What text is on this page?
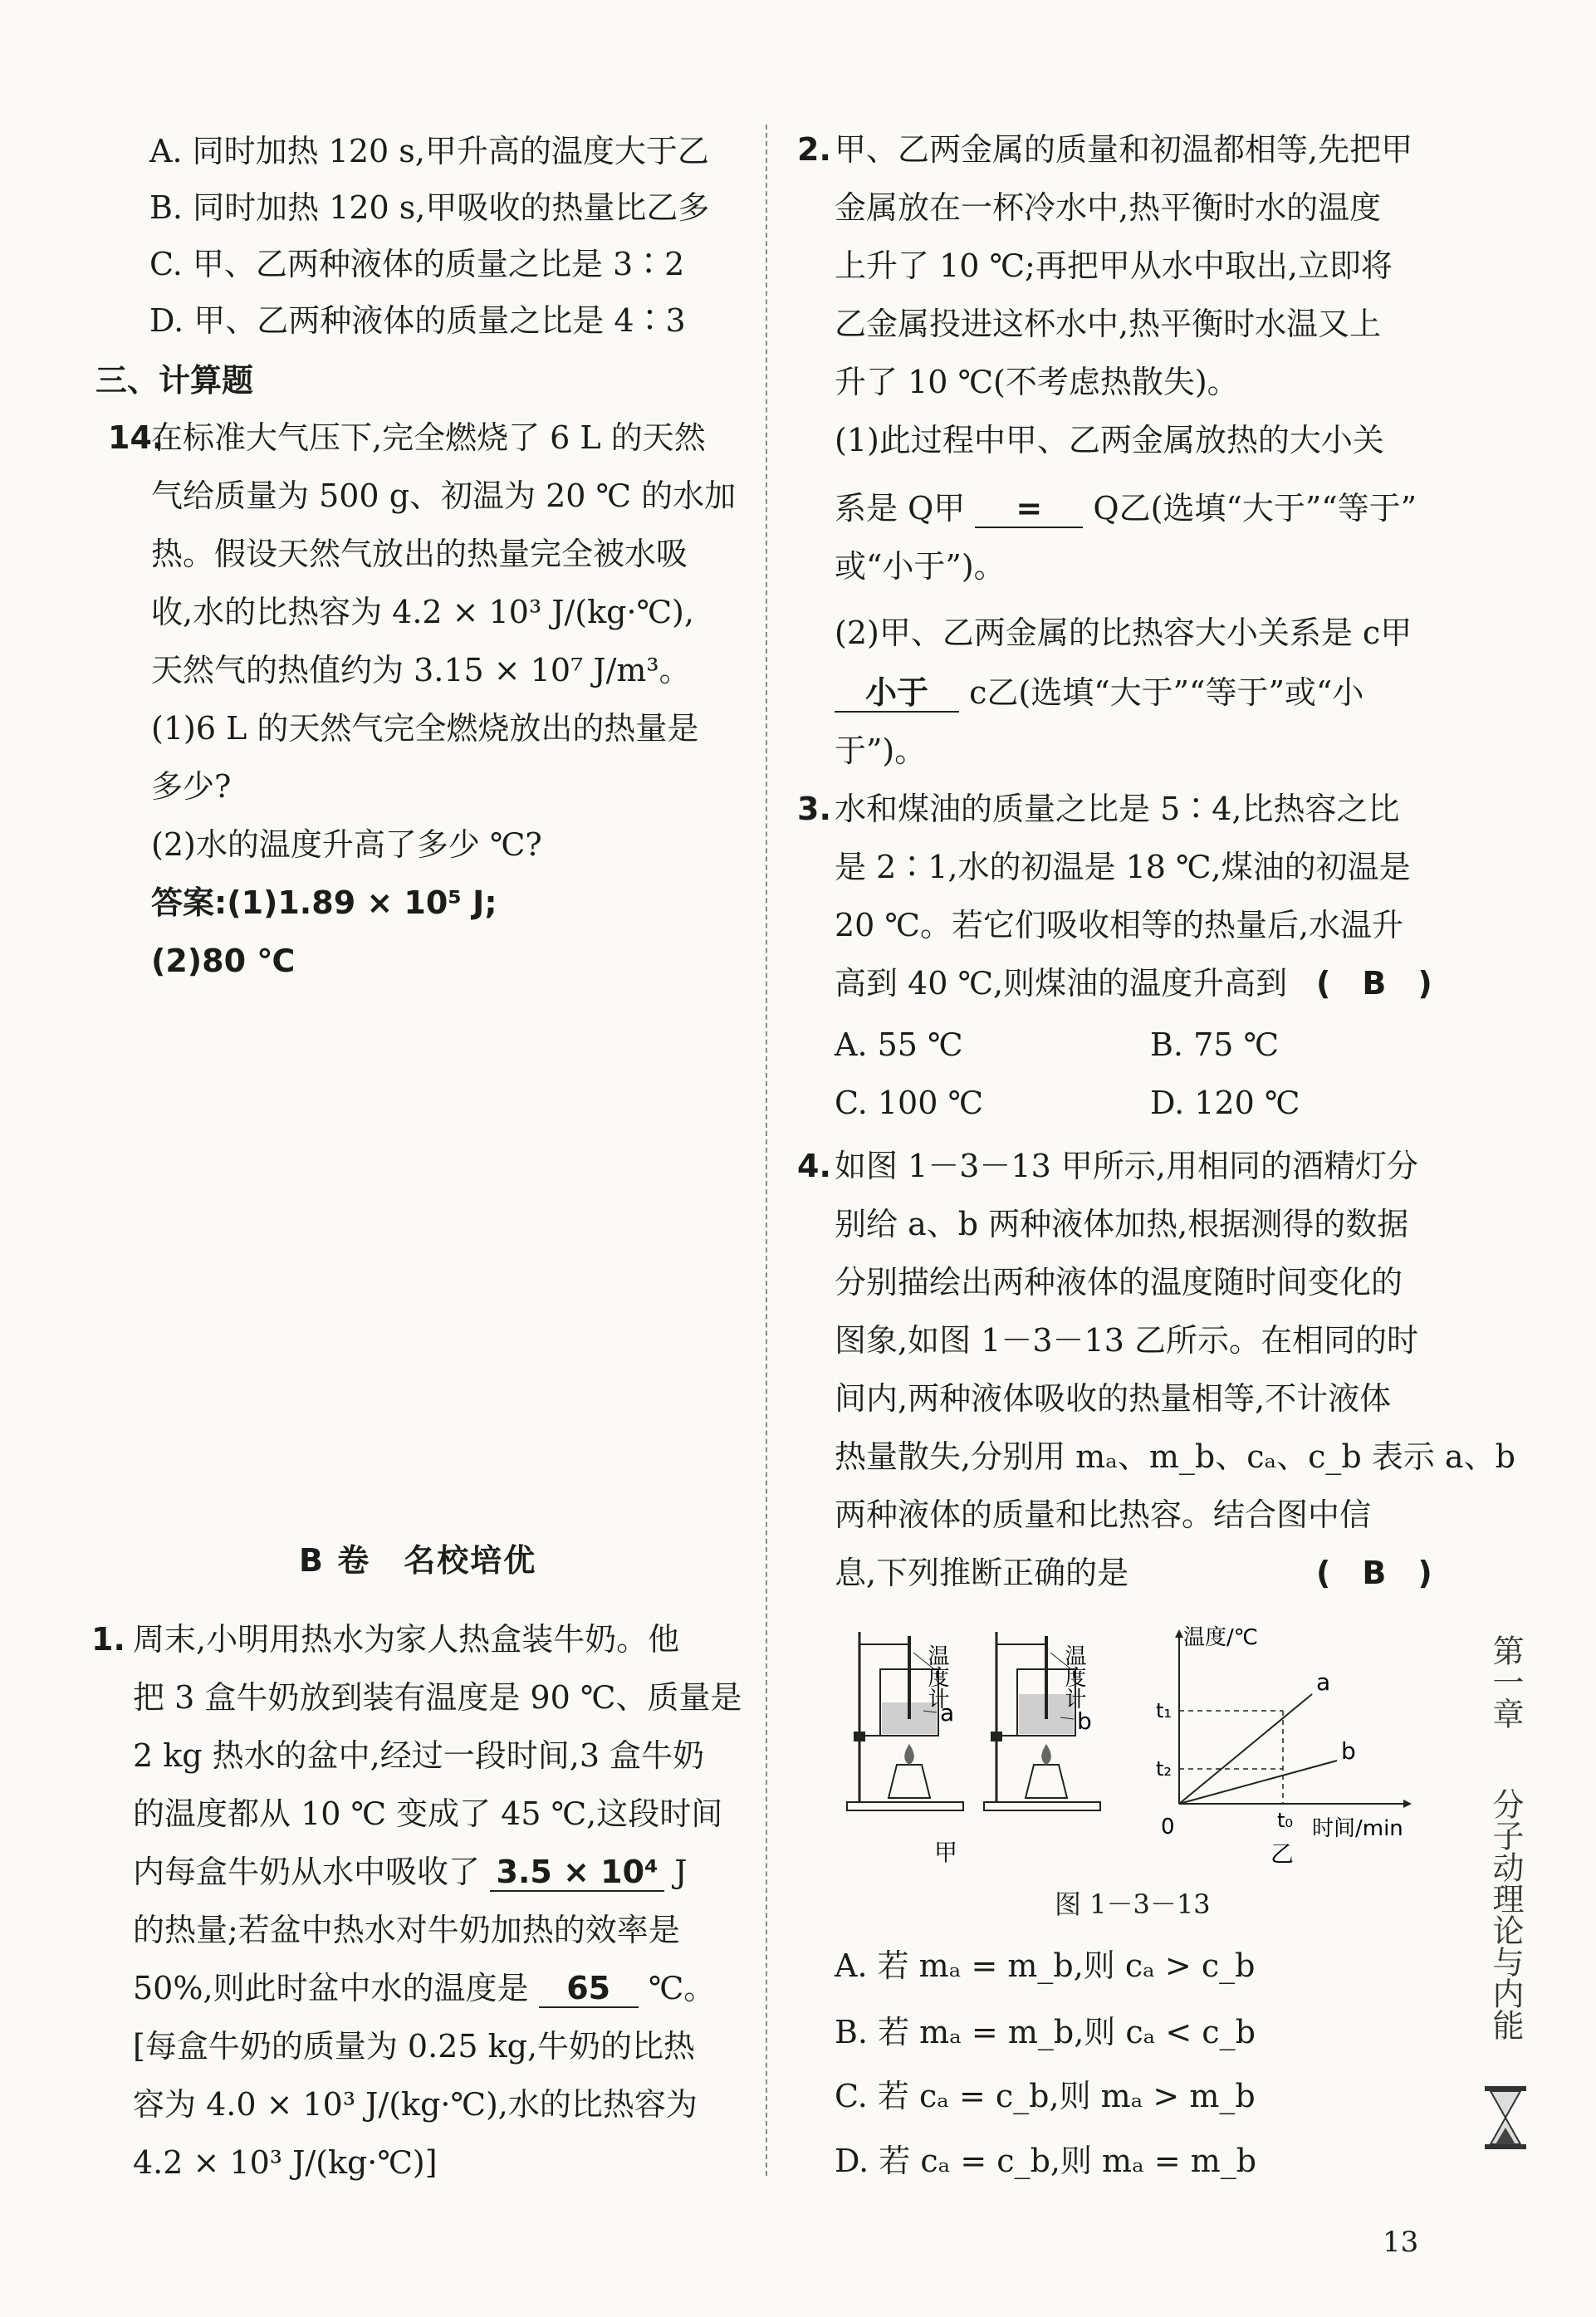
A. 同时加热 120 s,甲升高的温度大于乙
B. 同时加热 120 s,甲吸收的热量比乙多
C. 甲、乙两种液体的质量之比是 3∶2
D. 甲、乙两种液体的质量之比是 4∶3
三、计算题
14.
在标准大气压下,完全燃烧了 6 L 的天然
气给质量为 500 g、初温为 20 ℃ 的水加
热。假设天然气放出的热量完全被水吸
收,水的比热容为 4.2 × 10³ J/(kg·℃),
天然气的热值约为 3.15 × 10⁷ J/m³。
(1)6 L 的天然气完全燃烧放出的热量是
多少?
(2)水的温度升高了多少 ℃?
答案:(1)1.89 × 10⁵ J;
(2)80 ℃
B 卷　名校培优
1. 周末,小明用热水为家人热盒装牛奶。他
把 3 盒牛奶放到装有温度是 90 ℃、质量是
2 kg 热水的盆中,经过一段时间,3 盒牛奶
的温度都从 10 ℃ 变成了 45 ℃,这段时间
内每盒牛奶从水中吸收了 3.5 × 10⁴ J
的热量;若盆中热水对牛奶加热的效率是
50%,则此时盆中水的温度是 65 ℃。
[每盒牛奶的质量为 0.25 kg,牛奶的比热
容为 4.0 × 10³ J/(kg·℃),水的比热容为
4.2 × 10³ J/(kg·℃)]
2. 甲、乙两金属的质量和初温都相等,先把甲
金属放在一杯冷水中,热平衡时水的温度
上升了 10 ℃;再把甲从水中取出,立即将
乙金属投进这杯水中,热平衡时水温又上
升了 10 ℃(不考虑热散失)。
(1)此过程中甲、乙两金属放热的大小关
系是 Q甲 = Q乙(选填“大于”“等于”
或“小于”)。
(2)甲、乙两金属的比热容大小关系是 c甲
小于 c乙(选填“大于”“等于”或“小
于”)。
3. 水和煤油的质量之比是 5∶4,比热容之比
是 2∶1,水的初温是 18 ℃,煤油的初温是
20 ℃。若它们吸收相等的热量后,水温升
高到 40 ℃,则煤油的温度升高到 (　B　)
A. 55 ℃	B. 75 ℃
C. 100 ℃	D. 120 ℃
4. 如图 1－3－13 甲所示,用相同的酒精灯分
别给 a、b 两种液体加热,根据测得的数据
分别描绘出两种液体的温度随时间变化的
图象,如图 1－3－13 乙所示。在相同的时
间内,两种液体吸收的热量相等,不计液体
热量散失,分别用 mₐ、m_b、cₐ、c_b 表示 a、b
两种液体的质量和比热容。结合图中信
息,下列推断正确的是	(　B　)
温度计
a
甲
温度计
b
温度/℃
时间/min
0
t₁
t₂
t₀
a
b
乙
图 1－3－13
A. 若 mₐ = m_b,则 cₐ > c_b
B. 若 mₐ = m_b,则 cₐ < c_b
C. 若 cₐ = c_b,则 mₐ > m_b
D. 若 cₐ = c_b,则 mₐ = m_b
第一章
分子动理论与内能
13
